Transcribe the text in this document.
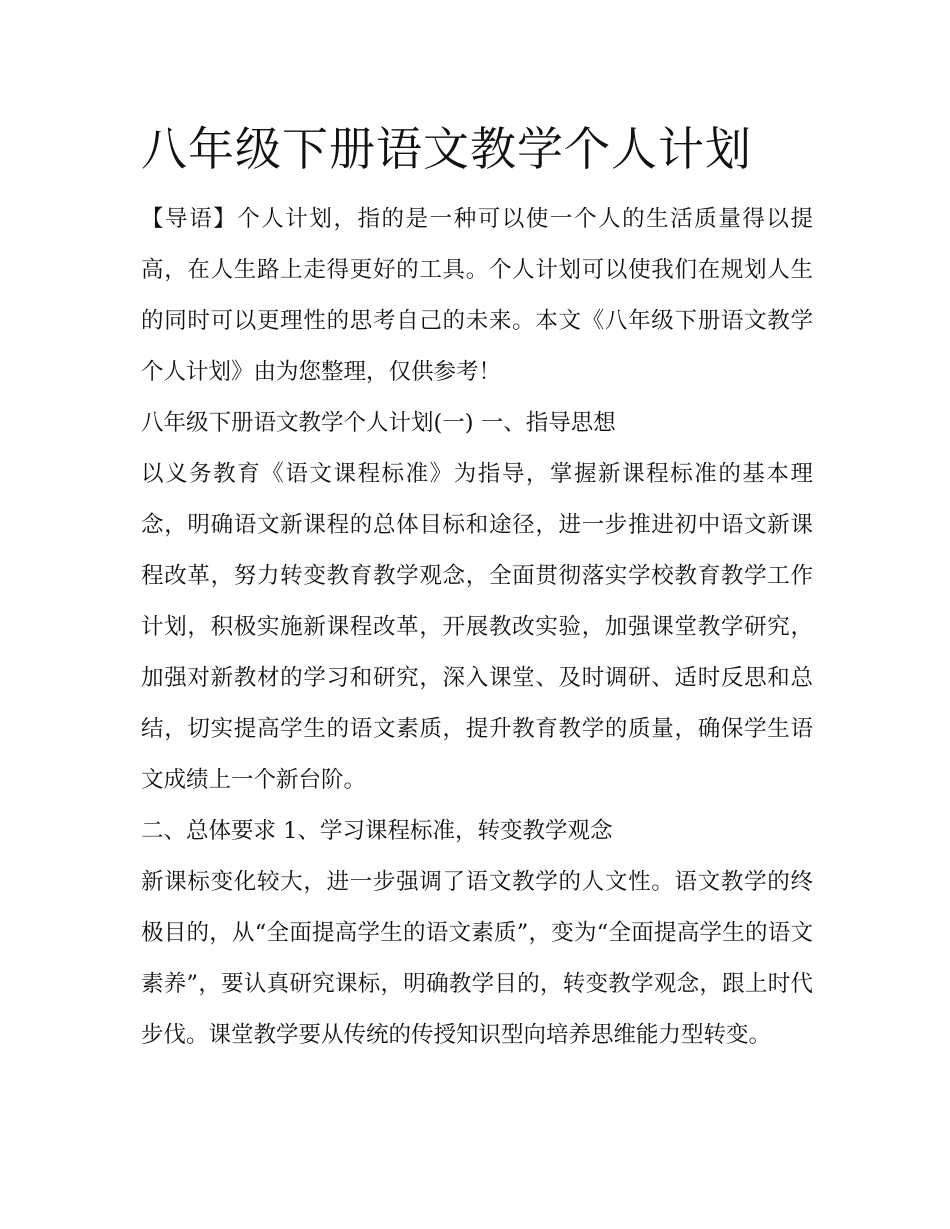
八年级下册语文教学个人计划

【导语】个人计划，指的是一种可以使一个人的生活质量得以提高，在人生路上走得更好的工具。个人计划可以使我们在规划人生的同时可以更理性的思考自己的未来。本文《八年级下册语文教学个人计划》由为您整理，仅供参考！

八年级下册语文教学个人计划(一) 一、指导思想

以义务教育《语文课程标准》为指导，掌握新课程标准的基本理念，明确语文新课程的总体目标和途径，进一步推进初中语文新课程改革，努力转变教育教学观念，全面贯彻落实学校教育教学工作计划，积极实施新课程改革，开展教改实验，加强课堂教学研究，加强对新教材的学习和研究，深入课堂、及时调研、适时反思和总结，切实提高学生的语文素质，提升教育教学的质量，确保学生语文成绩上一个新台阶。

二、总体要求 1、学习课程标准，转变教学观念

新课标变化较大，进一步强调了语文教学的人文性。语文教学的终极目的，从“全面提高学生的语文素质”，变为“全面提高学生的语文素养”，要认真研究课标，明确教学目的，转变教学观念，跟上时代步伐。课堂教学要从传统的传授知识型向培养思维能力型转变。
